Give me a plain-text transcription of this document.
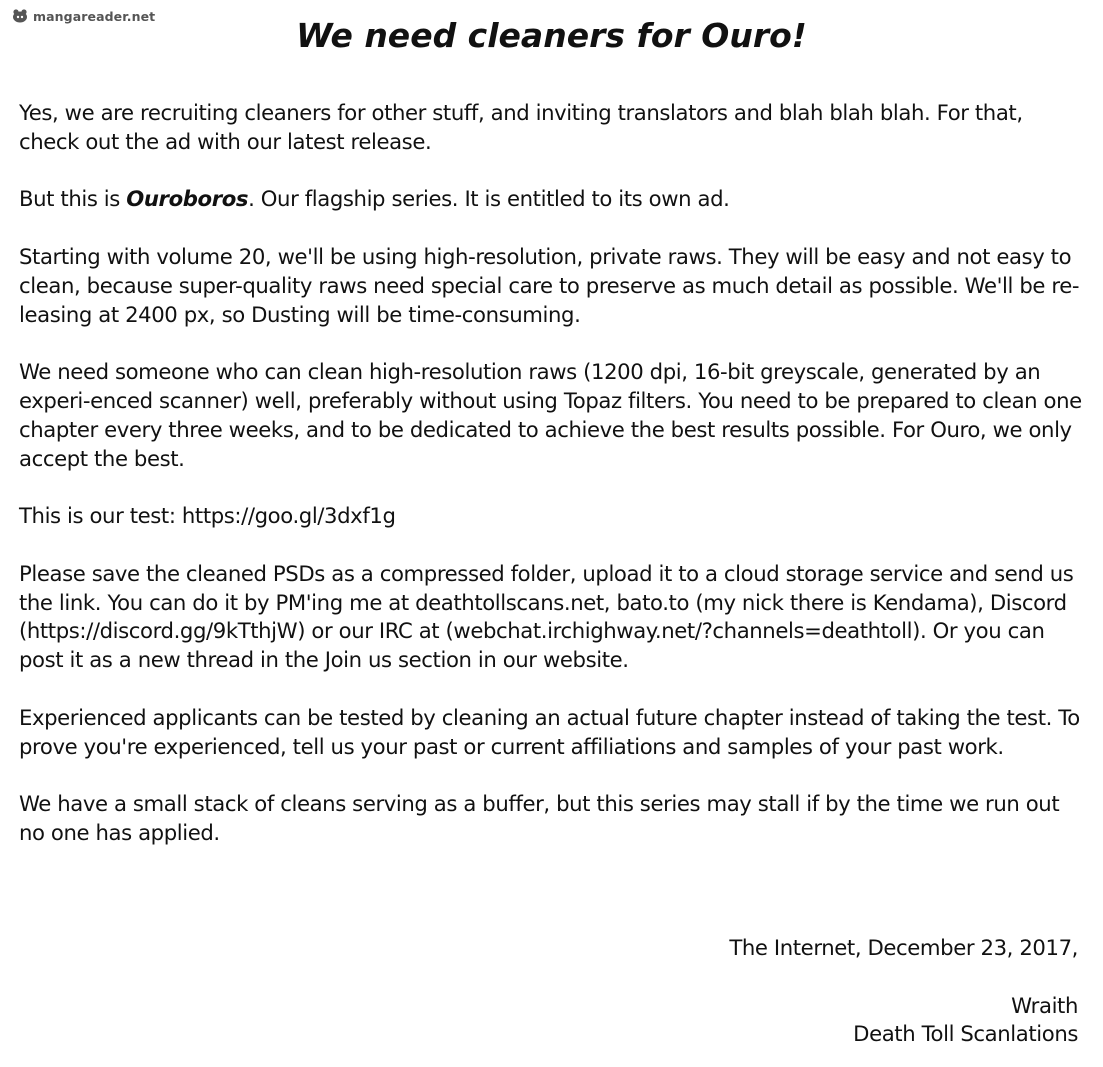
mangareader.net	We need cleaners for Ouro!

Yes, we are recruiting cleaners for other stuff, and inviting translators and blah blah blah. For that, check out the ad with our latest release.

But this is Ouroboros. Our flagship series. It is entitled to its own ad.

Starting with volume 20, we'll be using high-resolution, private raws. They will be easy and not easy to clean, because super-quality raws need special care to preserve as much detail as possible. We'll be re-leasing at 2400 px, so Dusting will be time-consuming.

We need someone who can clean high-resolution raws (1200 dpi, 16-bit greyscale, generated by an experi-enced scanner) well, preferably without using Topaz filters. You need to be prepared to clean one chapter every three weeks, and to be dedicated to achieve the best results possible. For Ouro, we only accept the best.

This is our test: https://goo.gl/3dxf1g

Please save the cleaned PSDs as a compressed folder, upload it to a cloud storage service and send us the link. You can do it by PM'ing me at deathtollscans.net, bato.to (my nick there is Kendama), Discord (https://discord.gg/9kTthjW) or our IRC at (webchat.irchighway.net/?channels=deathtoll). Or you can post it as a new thread in the Join us section in our website.

Experienced applicants can be tested by cleaning an actual future chapter instead of taking the test. To prove you're experienced, tell us your past or current affiliations and samples of your past work.

We have a small stack of cleans serving as a buffer, but this series may stall if by the time we run out no one has applied.

The Internet, December 23, 2017,
Wraith
Death Toll Scanlations
